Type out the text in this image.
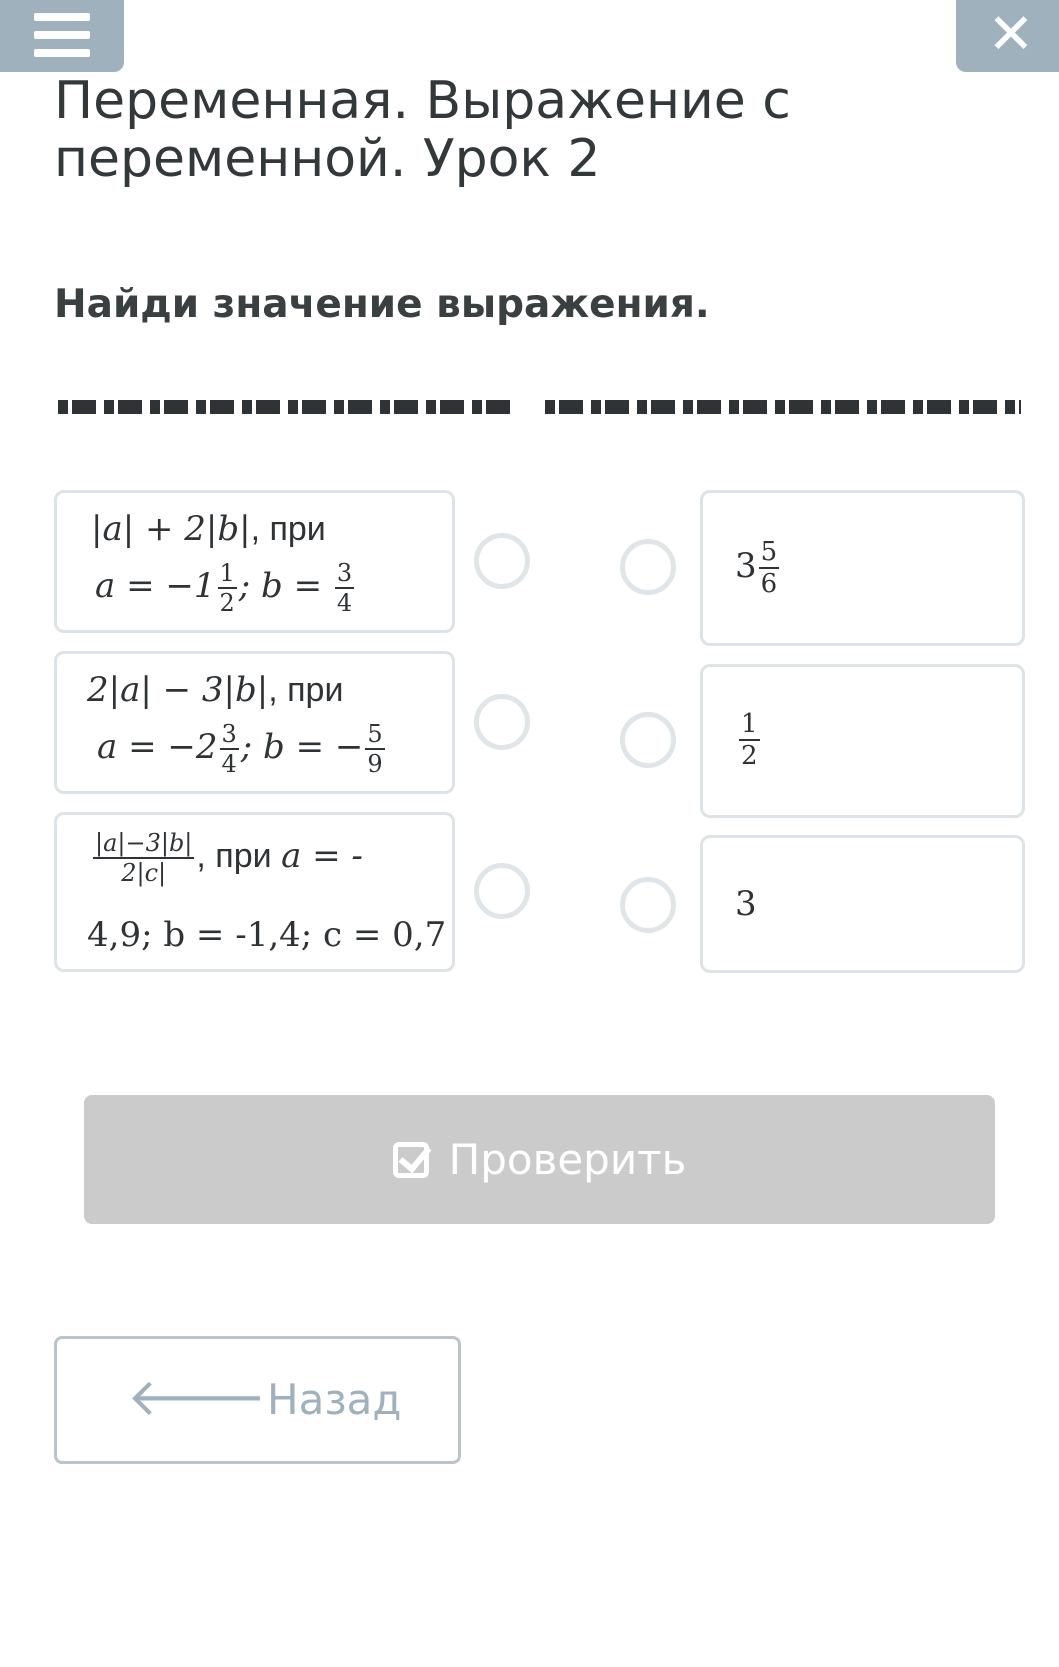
✕
Переменная. Выражение с переменной. Урок 2
Найди значение выражения.
|a| + 2|b|, при
$a = -1 \frac{1}{2}$ ; $b = \frac{3}{4}$
2|a| − 3|b|, при
$a = -2 \frac{3}{4}$ ; b = − $\frac{5}{9}$
$\frac{|a|-3|b|}{2|c|}$ , при a = -
4,9; b = -1,4; c = 0,7
$3 \frac{5}{6}$
$\frac{1}{2}$
3
Проверить
🡐 Назад
